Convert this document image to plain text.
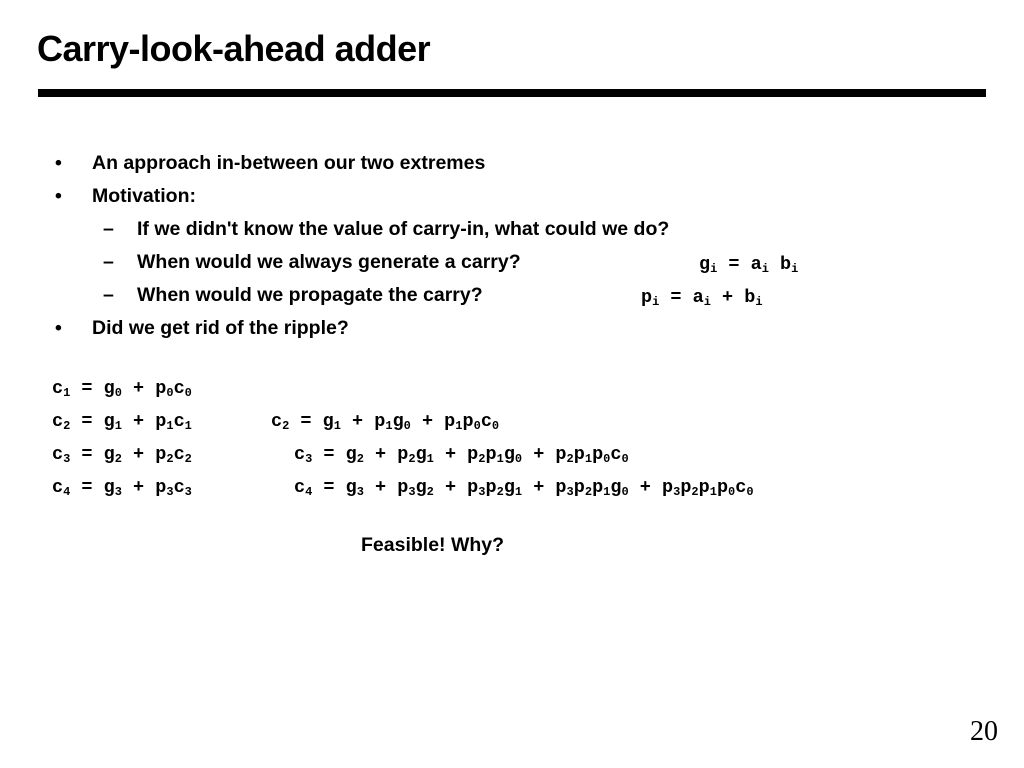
Carry-look-ahead adder
• An approach in-between our two extremes
• Motivation:
– If we didn't know the value of carry-in, what could we do?
– When would we always generate a carry?
– When would we propagate the carry?
• Did we get rid of the ripple?
$g_i = a_i$ $b_i$
$p_i = a_i + b_i$
$c_1 = g_0 + p_0c_0$
$c_2 = g_1 + p_1c_1$
$c_3 = g_2 + p_2c_2$
$c_4 = g_3 + p_3c_3$
$c_2 = g_1 + p_1g_0 + p_1p_0c_0$
$c_3 = g_2 + p_2g_1 + p_2p_1g_0 + p_2p_1p_0c_0$
$c_4 = g_3 + p_3g_2 + p_3p_2g_1 + p_3p_2p_1g_0 + p_3p_2p_1p_0c_0$
Feasible! Why?
20
